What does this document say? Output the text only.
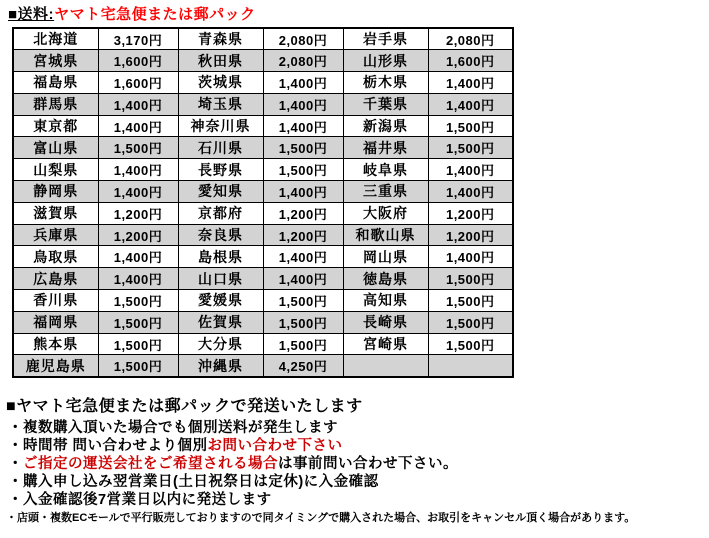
■送料:ヤマト宅急便または郵パック
北海道	3,170円	青森県	2,080円	岩手県	2,080円
宮城県	1,600円	秋田県	2,080円	山形県	1,600円
福島県	1,600円	茨城県	1,400円	栃木県	1,400円
群馬県	1,400円	埼玉県	1,400円	千葉県	1,400円
東京都	1,400円	神奈川県	1,400円	新潟県	1,500円
富山県	1,500円	石川県	1,500円	福井県	1,500円
山梨県	1,400円	長野県	1,500円	岐阜県	1,400円
静岡県	1,400円	愛知県	1,400円	三重県	1,400円
滋賀県	1,200円	京都府	1,200円	大阪府	1,200円
兵庫県	1,200円	奈良県	1,200円	和歌山県	1,200円
鳥取県	1,400円	島根県	1,400円	岡山県	1,400円
広島県	1,400円	山口県	1,400円	徳島県	1,500円
香川県	1,500円	愛媛県	1,500円	高知県	1,500円
福岡県	1,500円	佐賀県	1,500円	長崎県	1,500円
熊本県	1,500円	大分県	1,500円	宮崎県	1,500円
鹿児島県	1,500円	沖縄県	4,250円		
■ヤマト宅急便または郵パックで発送いたします
・複数購入頂いた場合でも個別送料が発生します
・時間帯 問い合わせより個別お問い合わせ下さい
・ご指定の運送会社をご希望される場合は事前問い合わせ下さい。
・購入申し込み翌営業日(土日祝祭日は定休)に入金確認
・入金確認後7営業日以内に発送します
・店頭・複数ECモールで平行販売しておりますので同タイミングで購入された場合、お取引をキャンセル頂く場合があります。
